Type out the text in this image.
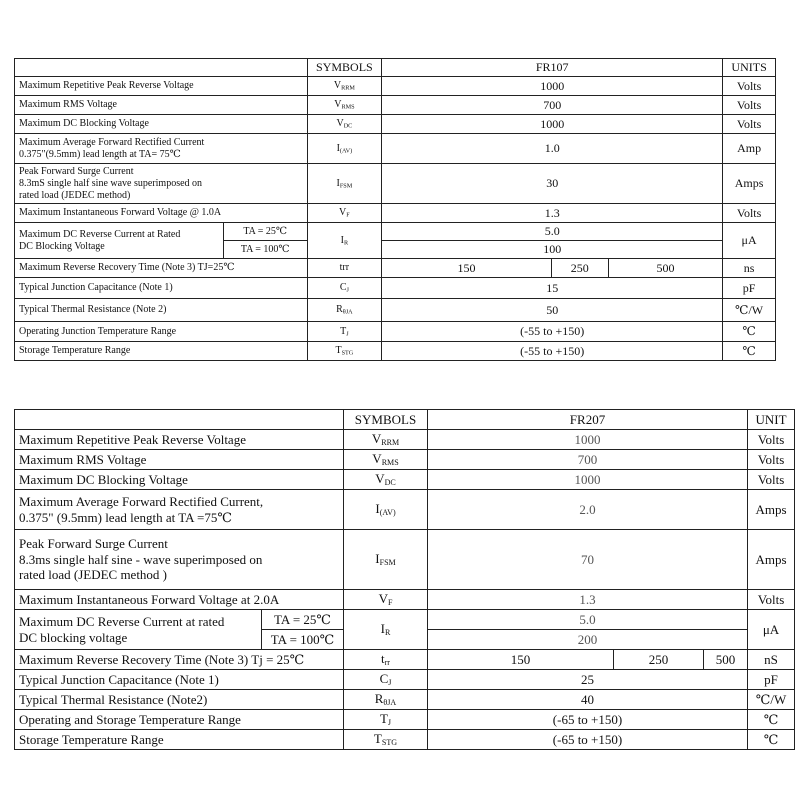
		SYMBOLS	FR107			UNITS
Maximum Repetitive Peak Reverse Voltage		$V_{RRM}$	1000			Volts
Maximum RMS Voltage		$V_{RMS}$	700			Volts
Maximum DC Blocking Voltage		$V_{DC}$	1000			Volts
Maximum Average Forward Rectified Current
0.375"(9.5mm) lead length at TA= 75℃		$I_{(AV)}$	1.0			Amp
Peak Forward Surge Current
8.3mS single half sine wave superimposed on
rated load (JEDEC method)		$I_{FSM}$	30			Amps
Maximum Instantaneous Forward Voltage @ 1.0A		$V_F$	1.3			Volts
Maximum DC Reverse Current at Rated
DC Blocking Voltage	TA = 25℃	$I_R$	5.0			μA
	TA = 100℃		100			
Maximum Reverse Recovery Time (Note 3) TJ=25℃		trr	150	250	500	ns
Typical Junction Capacitance (Note 1)		$C_J$	15			pF
Typical Thermal Resistance (Note 2)		$R_{\theta JA}$	50			℃/W
Operating Junction Temperature Range		$T_J$	(-55 to +150)			℃
Storage Temperature Range		$T_{STG}$	(-55 to +150)			℃
		SYMBOLS	FR207			UNIT
Maximum Repetitive Peak Reverse Voltage		$V_{RRM}$	1000			Volts
Maximum RMS Voltage		$V_{RMS}$	700			Volts
Maximum DC Blocking Voltage		$V_{DC}$	1000			Volts
Maximum Average Forward Rectified Current,
0.375" (9.5mm) lead length at TA =75℃		$I_{(AV)}$	2.0			Amps
Peak Forward Surge Current
8.3ms single half sine - wave superimposed on
rated load (JEDEC method )		$I_{FSM}$	70			Amps
Maximum Instantaneous Forward Voltage at 2.0A		$V_F$	1.3			Volts
Maximum DC Reverse Current at rated
DC blocking voltage	TA = 25℃	$I_R$	5.0			μA
	TA = 100℃		200			
Maximum Reverse Recovery Time (Note 3) Tj = 25℃		$t_{rr}$	150	250	500	nS
Typical Junction Capacitance (Note 1)		$C_J$	25			pF
Typical Thermal Resistance (Note2)		$R_{\theta JA}$	40			℃/W
Operating and Storage Temperature Range		$T_J$	(-65 to +150)			℃
Storage Temperature Range		$T_{STG}$	(-65 to +150)			℃
